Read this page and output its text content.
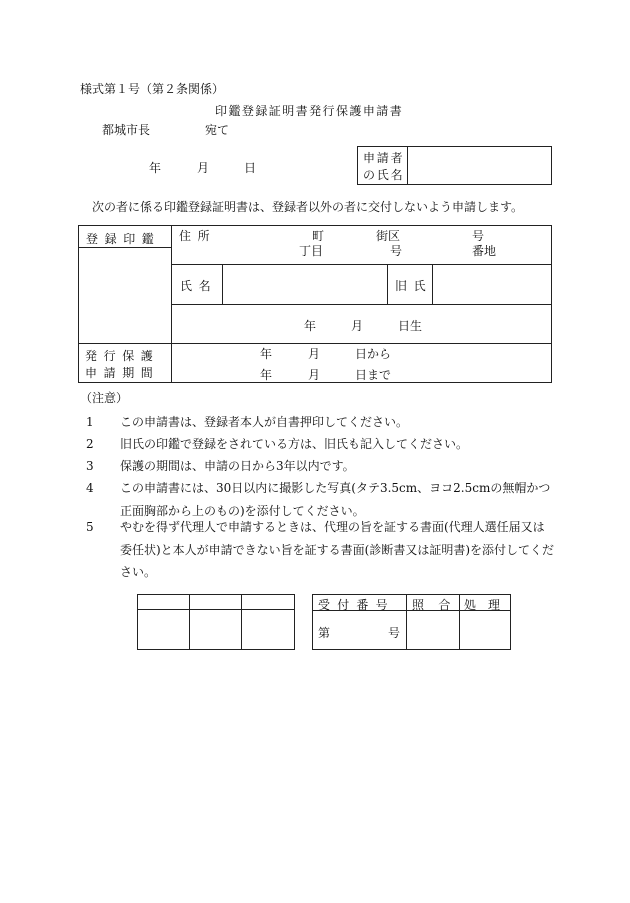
様式第１号（第２条関係）
印鑑登録証明書発行保護申請書
都城市長	宛て
年	月	日
申請者
の氏名
次の者に係る印鑑登録証明書は、登録者以外の者に交付しないよう申請します。
登録印鑑 住所	町	街区	号
丁目	号	番地
氏名	旧氏
年	月	日生
発行保護
申請期間
年	月	日から
年	月	日まで
（注意）
1 この申請書は、登録者本人が自書押印してください。
2 旧氏の印鑑で登録をされている方は、旧氏も記入してください。
3 保護の期間は、申請の日から3年以内です。
4 この申請書には、30日以内に撮影した写真(タテ3.5cm、ヨコ2.5cmの無帽かつ正面胸部から上のもの)を添付してください。
5 やむを得ず代理人で申請するときは、代理の旨を証する書面(代理人選任届又は委任状)と本人が申請できない旨を証する書面(診断書又は証明書)を添付してください。
受付番号 照合 処理
第	号
